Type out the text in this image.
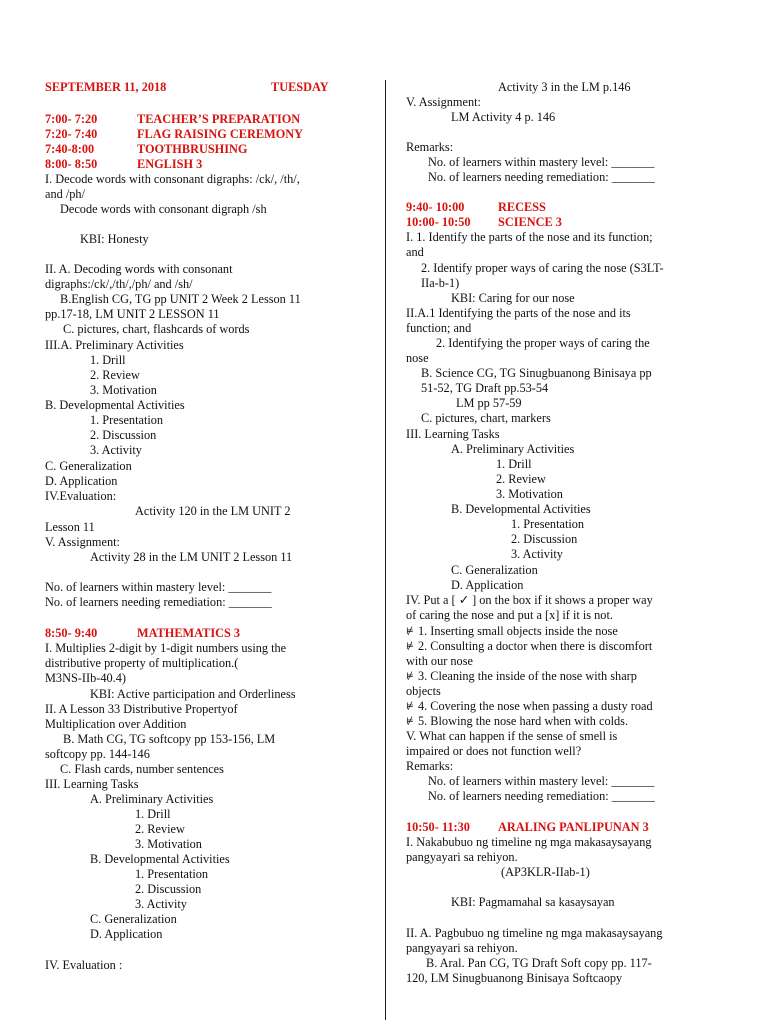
SEPTEMBER 11, 2018	TUESDAY
7:00- 7:20	TEACHER’S PREPARATION
7:20- 7:40	FLAG RAISING CEREMONY
7:40-8:00	TOOTHBRUSHING
8:00- 8:50	ENGLISH 3
I. Decode words with consonant digraphs: /ck/, /th/,
and /ph/
Decode words with consonant digraph /sh
KBI: Honesty
II. A. Decoding words with consonant
digraphs:/ck/,/th/,/ph/ and /sh/
B.English CG, TG pp UNIT 2 Week 2 Lesson 11
pp.17-18, LM UNIT 2 LESSON 11
C. pictures, chart, flashcards of words
III.A. Preliminary Activities
1. Drill
2. Review
3. Motivation
B. Developmental Activities
1. Presentation
2. Discussion
3. Activity
C. Generalization
D. Application
IV.Evaluation:
Activity 120 in the LM UNIT 2
Lesson 11
V. Assignment:
Activity 28 in the LM UNIT 2 Lesson 11
No. of learners within mastery level: _______
No. of learners needing remediation: _______
8:50- 9:40	MATHEMATICS 3
I. Multiplies 2-digit by 1-digit numbers using the
distributive property of multiplication.(
M3NS-IIb-40.4)
KBI: Active participation and Orderliness
II. A Lesson 33 Distributive Propertyof
Multiplication over Addition
B. Math CG, TG softcopy pp 153-156, LM
softcopy pp. 144-146
C. Flash cards, number sentences
III. Learning Tasks
A. Preliminary Activities
1. Drill
2. Review
3. Motivation
B. Developmental Activities
1. Presentation
2. Discussion
3. Activity
C. Generalization
D. Application
IV. Evaluation :
Activity 3 in the LM p.146
V. Assignment:
LM Activity 4 p. 146
Remarks:
No. of learners within mastery level: _______
No. of learners needing remediation: _______
9:40- 10:00	RECESS
10:00- 10:50 SCIENCE 3
I. 1. Identify the parts of the nose and its function;
and
2. Identify proper ways of caring the nose (S3LT-
IIa-b-1)
KBI: Caring for our nose
II.A.1 Identifying the parts of the nose and its
function; and
2. Identifying the proper ways of caring the
nose
B. Science CG, TG Sinugbuanong Binisaya pp
51-52, TG Draft pp.53-54
LM pp 57-59
C. pictures, chart, markers
III. Learning Tasks
A. Preliminary Activities
1. Drill
2. Review
3. Motivation
B. Developmental Activities
1. Presentation
2. Discussion
3. Activity
C. Generalization
D. Application
IV. Put a [ ✓ ] on the box if it shows a proper way
of caring the nose and put a [x] if it is not.
⊭ 1. Inserting small objects inside the nose
⊭ 2. Consulting a doctor when there is discomfort
with our nose
⊭ 3. Cleaning the inside of the nose with sharp
objects
⊭ 4. Covering the nose when passing a dusty road
⊭ 5. Blowing the nose hard when with colds.
V. What can happen if the sense of smell is
impaired or does not function well?
Remarks:
No. of learners within mastery level: _______
No. of learners needing remediation: _______
10:50- 11:30 ARALING PANLIPUNAN 3
I. Nakabubuo ng timeline ng mga makasaysayang
pangyayari sa rehiyon.
(AP3KLR-IIab-1)
KBI: Pagmamahal sa kasaysayan
II. A. Pagbubuo ng timeline ng mga makasaysayang
pangyayari sa rehiyon.
B. Aral. Pan CG, TG Draft Soft copy pp. 117-
120, LM Sinugbuanong Binisaya Softcaopy
